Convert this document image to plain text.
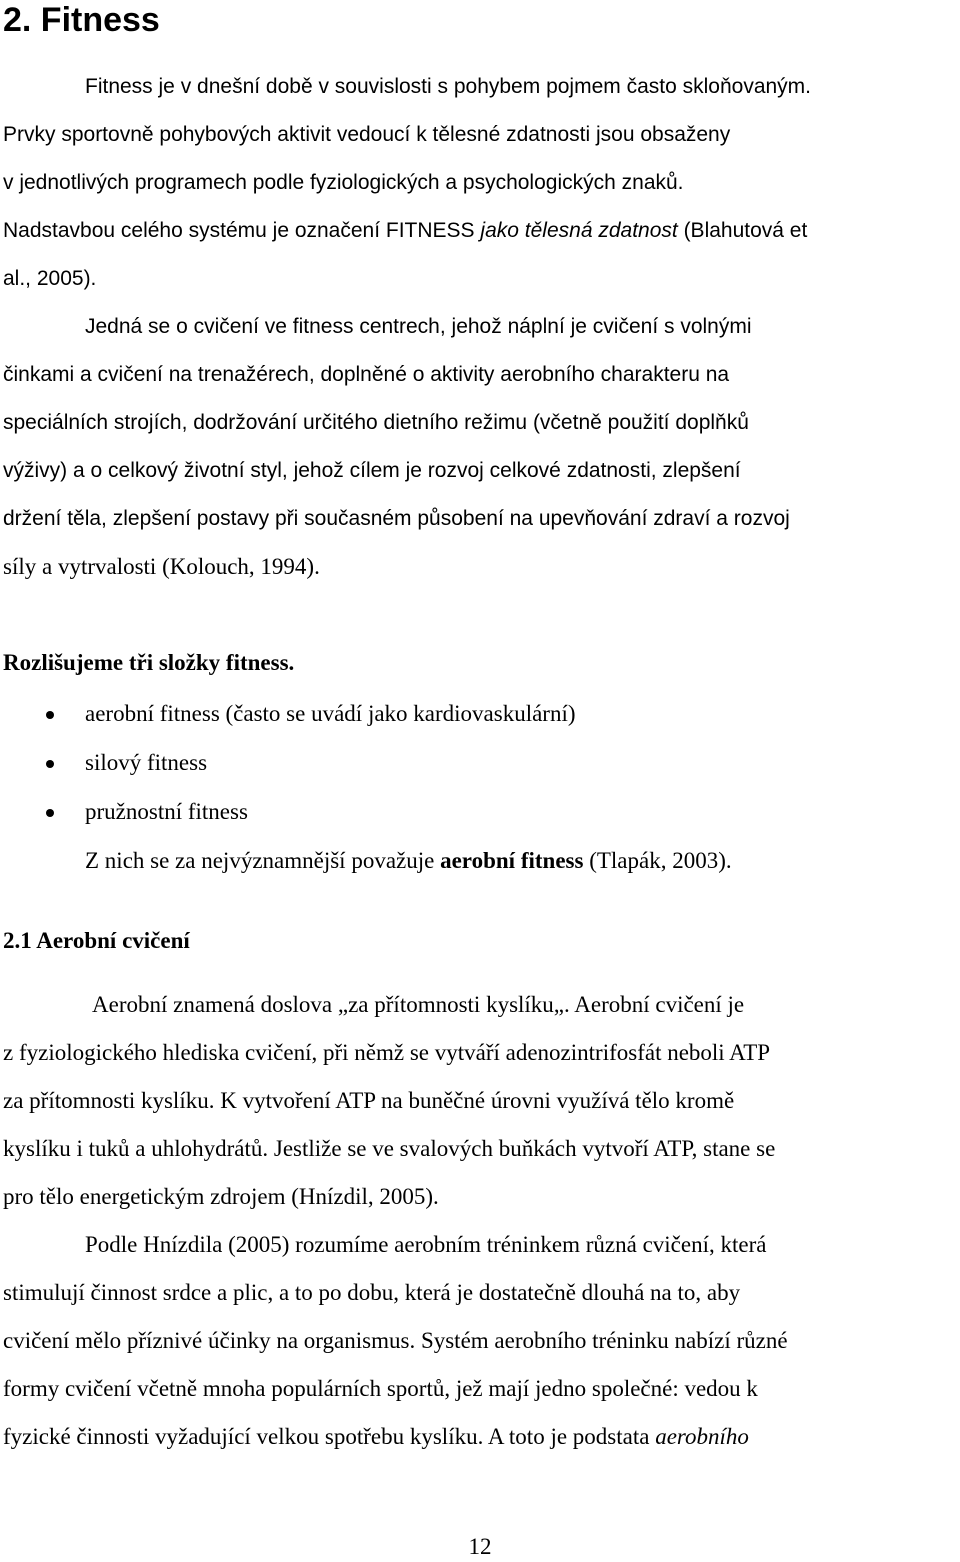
2. Fitness
Fitness je v dnešní době v souvislosti s pohybem pojmem často skloňovaným.
Prvky sportovně pohybových aktivit vedoucí k tělesné zdatnosti jsou obsaženy
v jednotlivých programech podle fyziologických a psychologických znaků.
Nadstavbou celého systému je označení FITNESS jako tělesná zdatnost (Blahutová et
al., 2005).
Jedná se o cvičení ve fitness centrech, jehož náplní je cvičení s volnými
činkami a cvičení na trenažérech, doplněné o aktivity aerobního charakteru na
speciálních strojích, dodržování určitého dietního režimu (včetně použití doplňků
výživy) a o celkový životní styl, jehož cílem je rozvoj celkové zdatnosti, zlepšení
držení těla, zlepšení postavy při současném působení na upevňování zdraví a rozvoj
síly a vytrvalosti (Kolouch, 1994).
Rozlišujeme tři složky fitness.
aerobní fitness (často se uvádí jako kardiovaskulární)
silový fitness
pružnostní fitness
Z nich se za nejvýznamnější považuje aerobní fitness (Tlapák, 2003).
2.1 Aerobní cvičení
Aerobní znamená doslova „za přítomnosti kyslíku„. Aerobní cvičení je
z fyziologického hlediska cvičení, při němž se vytváří adenozintrifosfát neboli ATP
za přítomnosti kyslíku. K vytvoření ATP na buněčné úrovni využívá tělo kromě
kyslíku i tuků a uhlohydrátů. Jestliže se ve svalových buňkách vytvoří ATP, stane se
pro tělo energetickým zdrojem (Hnízdil, 2005).
Podle Hnízdila (2005) rozumíme aerobním tréninkem různá cvičení, která
stimulují činnost srdce a plic, a to po dobu, která je dostatečně dlouhá na to, aby
cvičení mělo příznivé účinky na organismus. Systém aerobního tréninku nabízí různé
formy cvičení včetně mnoha populárních sportů, jež mají jedno společné: vedou k
fyzické činnosti vyžadující velkou spotřebu kyslíku. A toto je podstata aerobního
12
